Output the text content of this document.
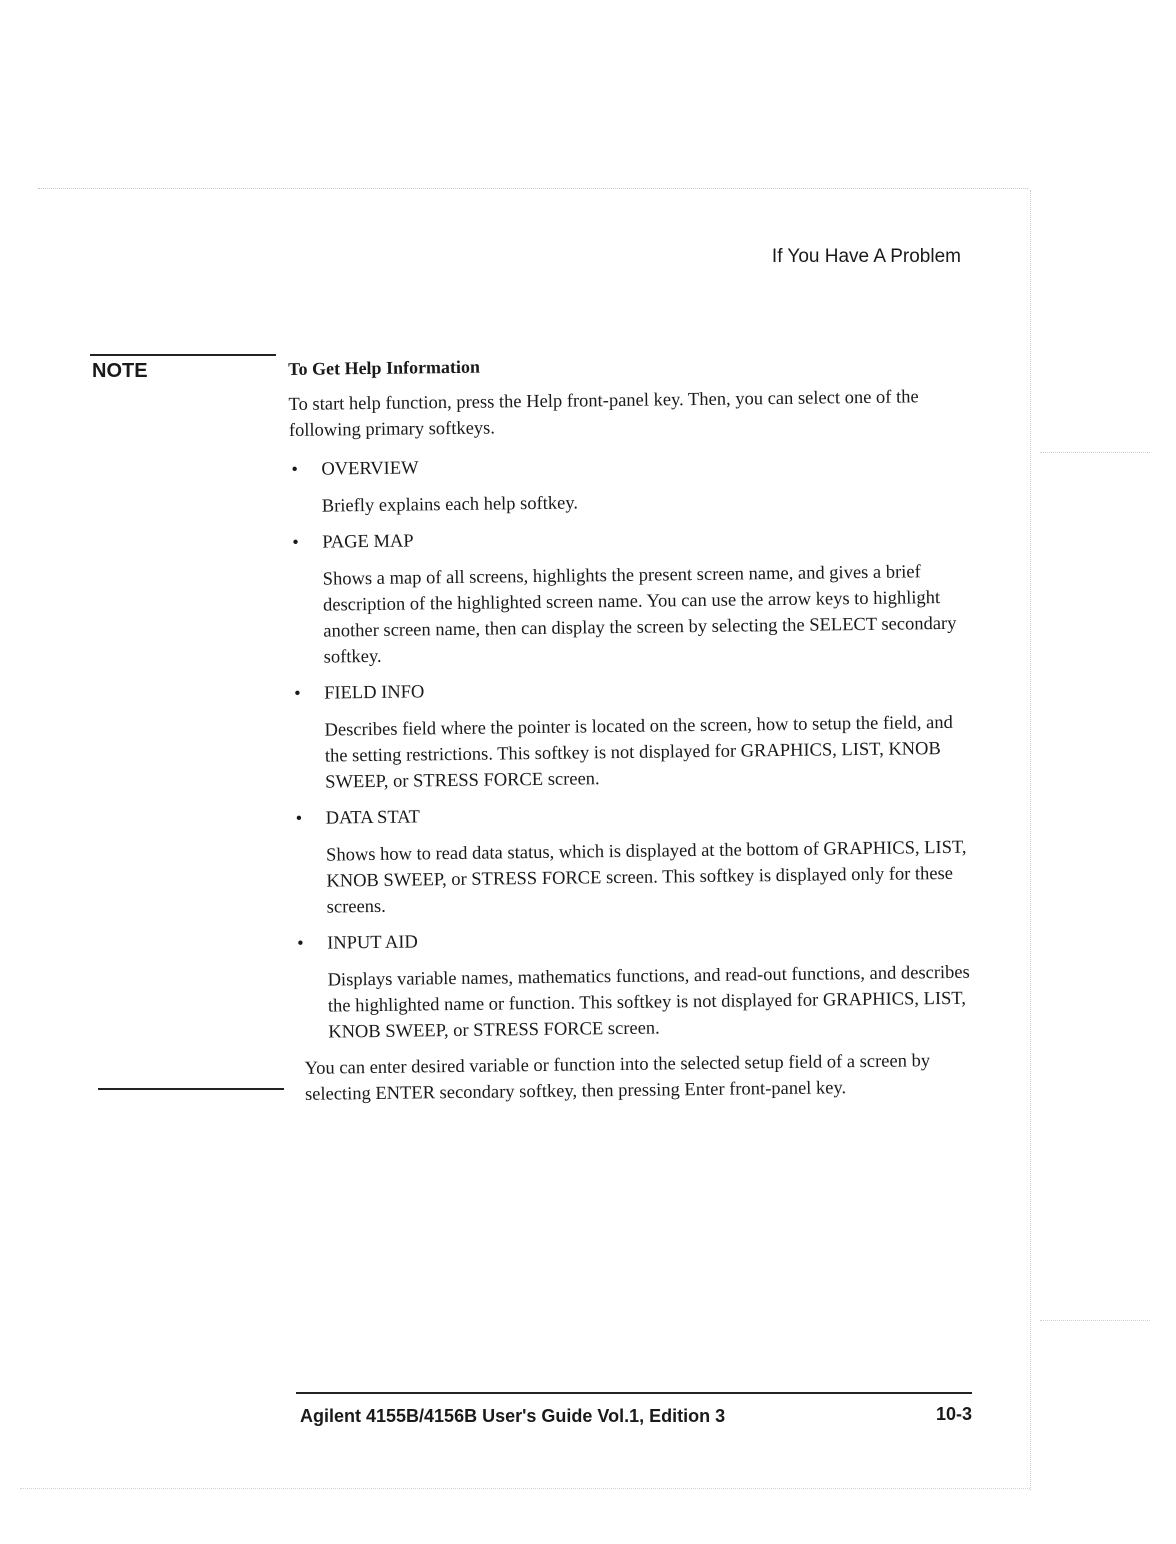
If You Have A Problem
NOTE	To Get Help Information

To start help function, press the Help front-panel key. Then, you can select one of the following primary softkeys.

• OVERVIEW
Briefly explains each help softkey.
• PAGE MAP
Shows a map of all screens, highlights the present screen name, and gives a brief description of the highlighted screen name. You can use the arrow keys to highlight another screen name, then can display the screen by selecting the SELECT secondary softkey.
• FIELD INFO
Describes field where the pointer is located on the screen, how to setup the field, and the setting restrictions. This softkey is not displayed for GRAPHICS, LIST, KNOB SWEEP, or STRESS FORCE screen.
• DATA STAT
Shows how to read data status, which is displayed at the bottom of GRAPHICS, LIST, KNOB SWEEP, or STRESS FORCE screen. This softkey is displayed only for these screens.
• INPUT AID
Displays variable names, mathematics functions, and read-out functions, and describes the highlighted name or function. This softkey is not displayed for GRAPHICS, LIST, KNOB SWEEP, or STRESS FORCE screen.

You can enter desired variable or function into the selected setup field of a screen by selecting ENTER secondary softkey, then pressing Enter front-panel key.

Agilent 4155B/4156B User's Guide Vol.1, Edition 3	10-3
